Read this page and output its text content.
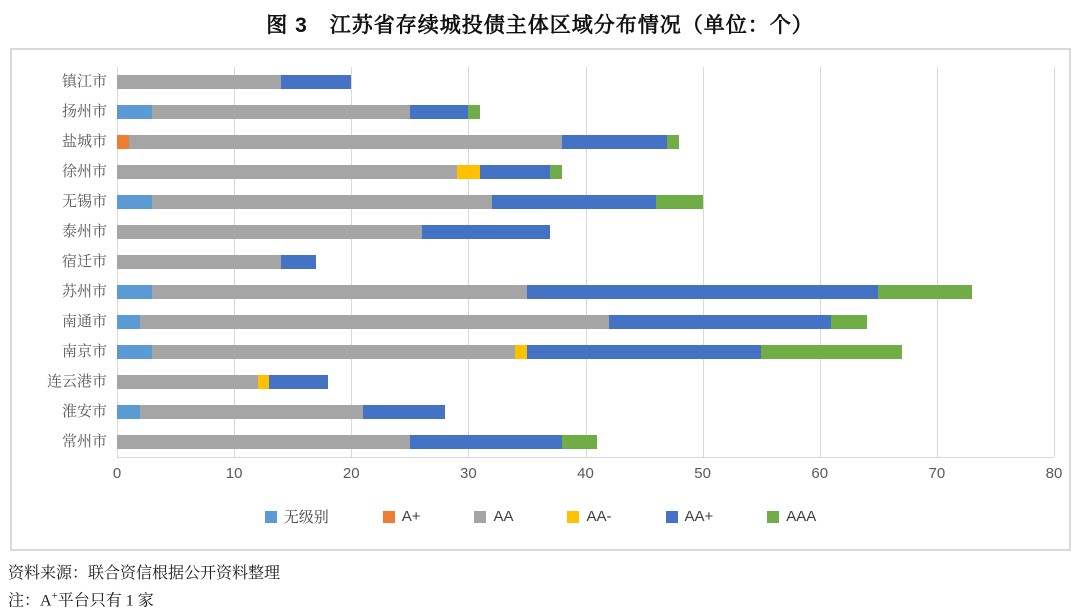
图 3　江苏省存续城投债主体区域分布情况（单位：个）
镇江市
扬州市
盐城市
徐州市
无锡市
泰州市
宿迁市
苏州市
南通市
南京市
连云港市
淮安市
常州市
0	10	20	30	40	50	60	70	80
无级别	A+	AA	AA-	AA+	AAA
资料来源：联合资信根据公开资料整理
注：A+平台只有 1 家
